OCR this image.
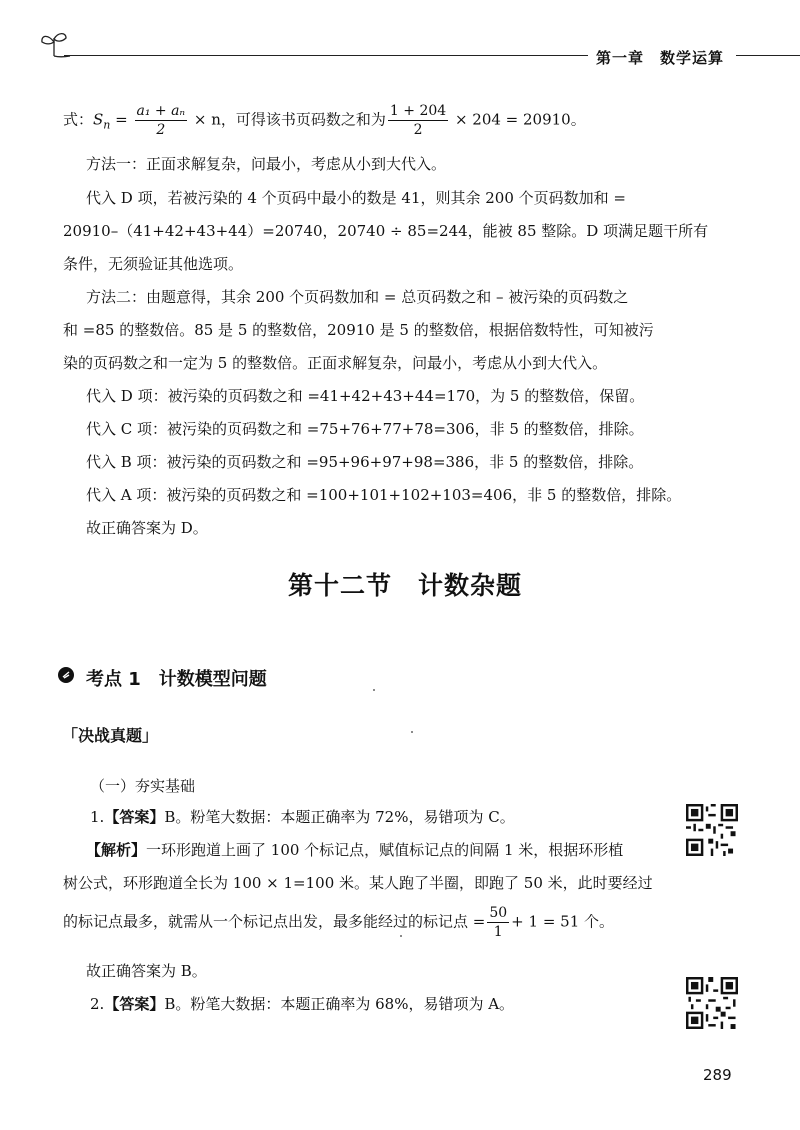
第一章　数学运算
式：$S_n = \frac{\text{a₁ + aₙ}}{2} \times n$，可得该书页码数之和为 $\frac{1 + 204}{2} \times 204 = 20910$。
方法一：正面求解复杂，问最小，考虑从小到大代入。
代入 D 项，若被污染的 4 个页码中最小的数是 41，则其余 200 个页码数加和 =
20910–（41+42+43+44）=20740，20740 ÷ 85=244，能被 85 整除。D 项满足题干所有
条件，无须验证其他选项。
方法二：由题意得，其余 200 个页码数加和 = 总页码数之和 – 被污染的页码数之
和 =85 的整数倍。85 是 5 的整数倍，20910 是 5 的整数倍，根据倍数特性，可知被污
染的页码数之和一定为 5 的整数倍。正面求解复杂，问最小，考虑从小到大代入。
代入 D 项：被污染的页码数之和 =41+42+43+44=170，为 5 的整数倍，保留。
代入 C 项：被污染的页码数之和 =75+76+77+78=306，非 5 的整数倍，排除。
代入 B 项：被污染的页码数之和 =95+96+97+98=386，非 5 的整数倍，排除。
代入 A 项：被污染的页码数之和 =100+101+102+103=406，非 5 的整数倍，排除。
故正确答案为 D。
第十二节　计数杂题
考点 1　计数模型问题
「决战真题」
（一）夯实基础
1.【答案】B。粉笔大数据：本题正确率为 72%，易错项为 C。
【解析】一环形跑道上画了 100 个标记点，赋值标记点的间隔 1 米，根据环形植
树公式，环形跑道全长为 100 × 1=100 米。某人跑了半圈，即跑了 50 米，此时要经过
的标记点最多，就需从一个标记点出发，最多能经过的标记点 = $\frac{50}{1} + 1 = 51$ 个。
故正确答案为 B。
2.【答案】B。粉笔大数据：本题正确率为 68%，易错项为 A。
289
